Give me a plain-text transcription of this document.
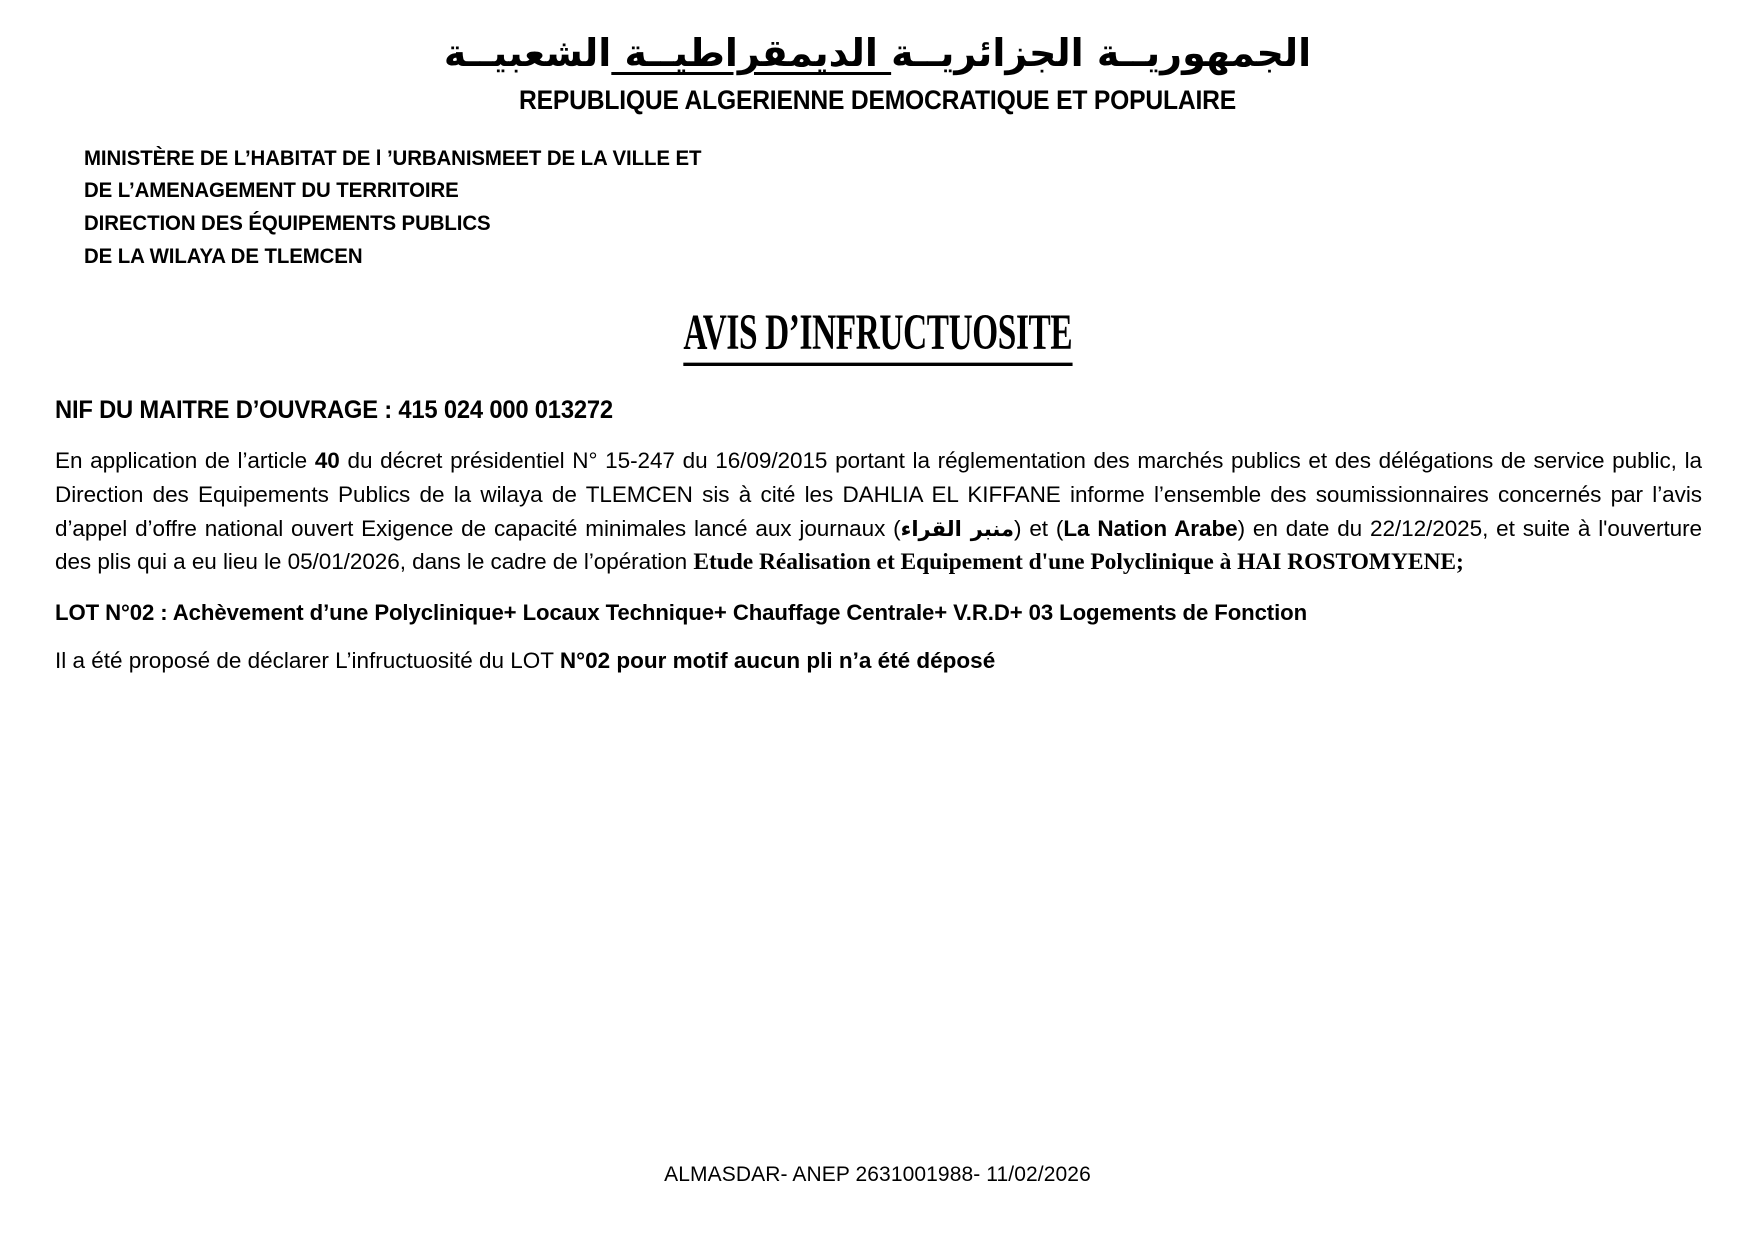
الجمهوريــة الجزائريــة الديمقراطيــة الشعبيــة
REPUBLIQUE ALGERIENNE DEMOCRATIQUE ET POPULAIRE
MINISTÈRE DE L’HABITAT DE l ’URBANISMEET DE LA VILLE ET
DE L’AMENAGEMENT DU TERRITOIRE
DIRECTION DES ÉQUIPEMENTS PUBLICS
DE LA WILAYA DE TLEMCEN
AVIS D’INFRUCTUOSITE
NIF DU MAITRE D’OUVRAGE : 415 024 000 013272

En application de l’article 40 du décret présidentiel N° 15-247 du 16/09/2015 portant la réglementation des marchés publics et des délégations de service public, la Direction des Equipements Publics de la wilaya de TLEMCEN sis à cité les DAHLIA EL KIFFANE informe l’ensemble des soumissionnaires concernés par l’avis d’appel d’offre national ouvert Exigence de capacité minimales lancé aux journaux (منبر القراء) et (La Nation Arabe) en date du 22/12/2025, et suite à l'ouverture des plis qui a eu lieu le 05/01/2026, dans le cadre de l’opération Etude Réalisation et Equipement d'une Polyclinique à HAI ROSTOMYENE;

LOT N°02 : Achèvement d’une Polyclinique+ Locaux Technique+ Chauffage Centrale+ V.R.D+ 03 Logements de Fonction

Il a été proposé de déclarer L’infructuosité du LOT N°02 pour motif aucun pli n’a été déposé

ALMASDAR- ANEP 2631001988- 11/02/2026
